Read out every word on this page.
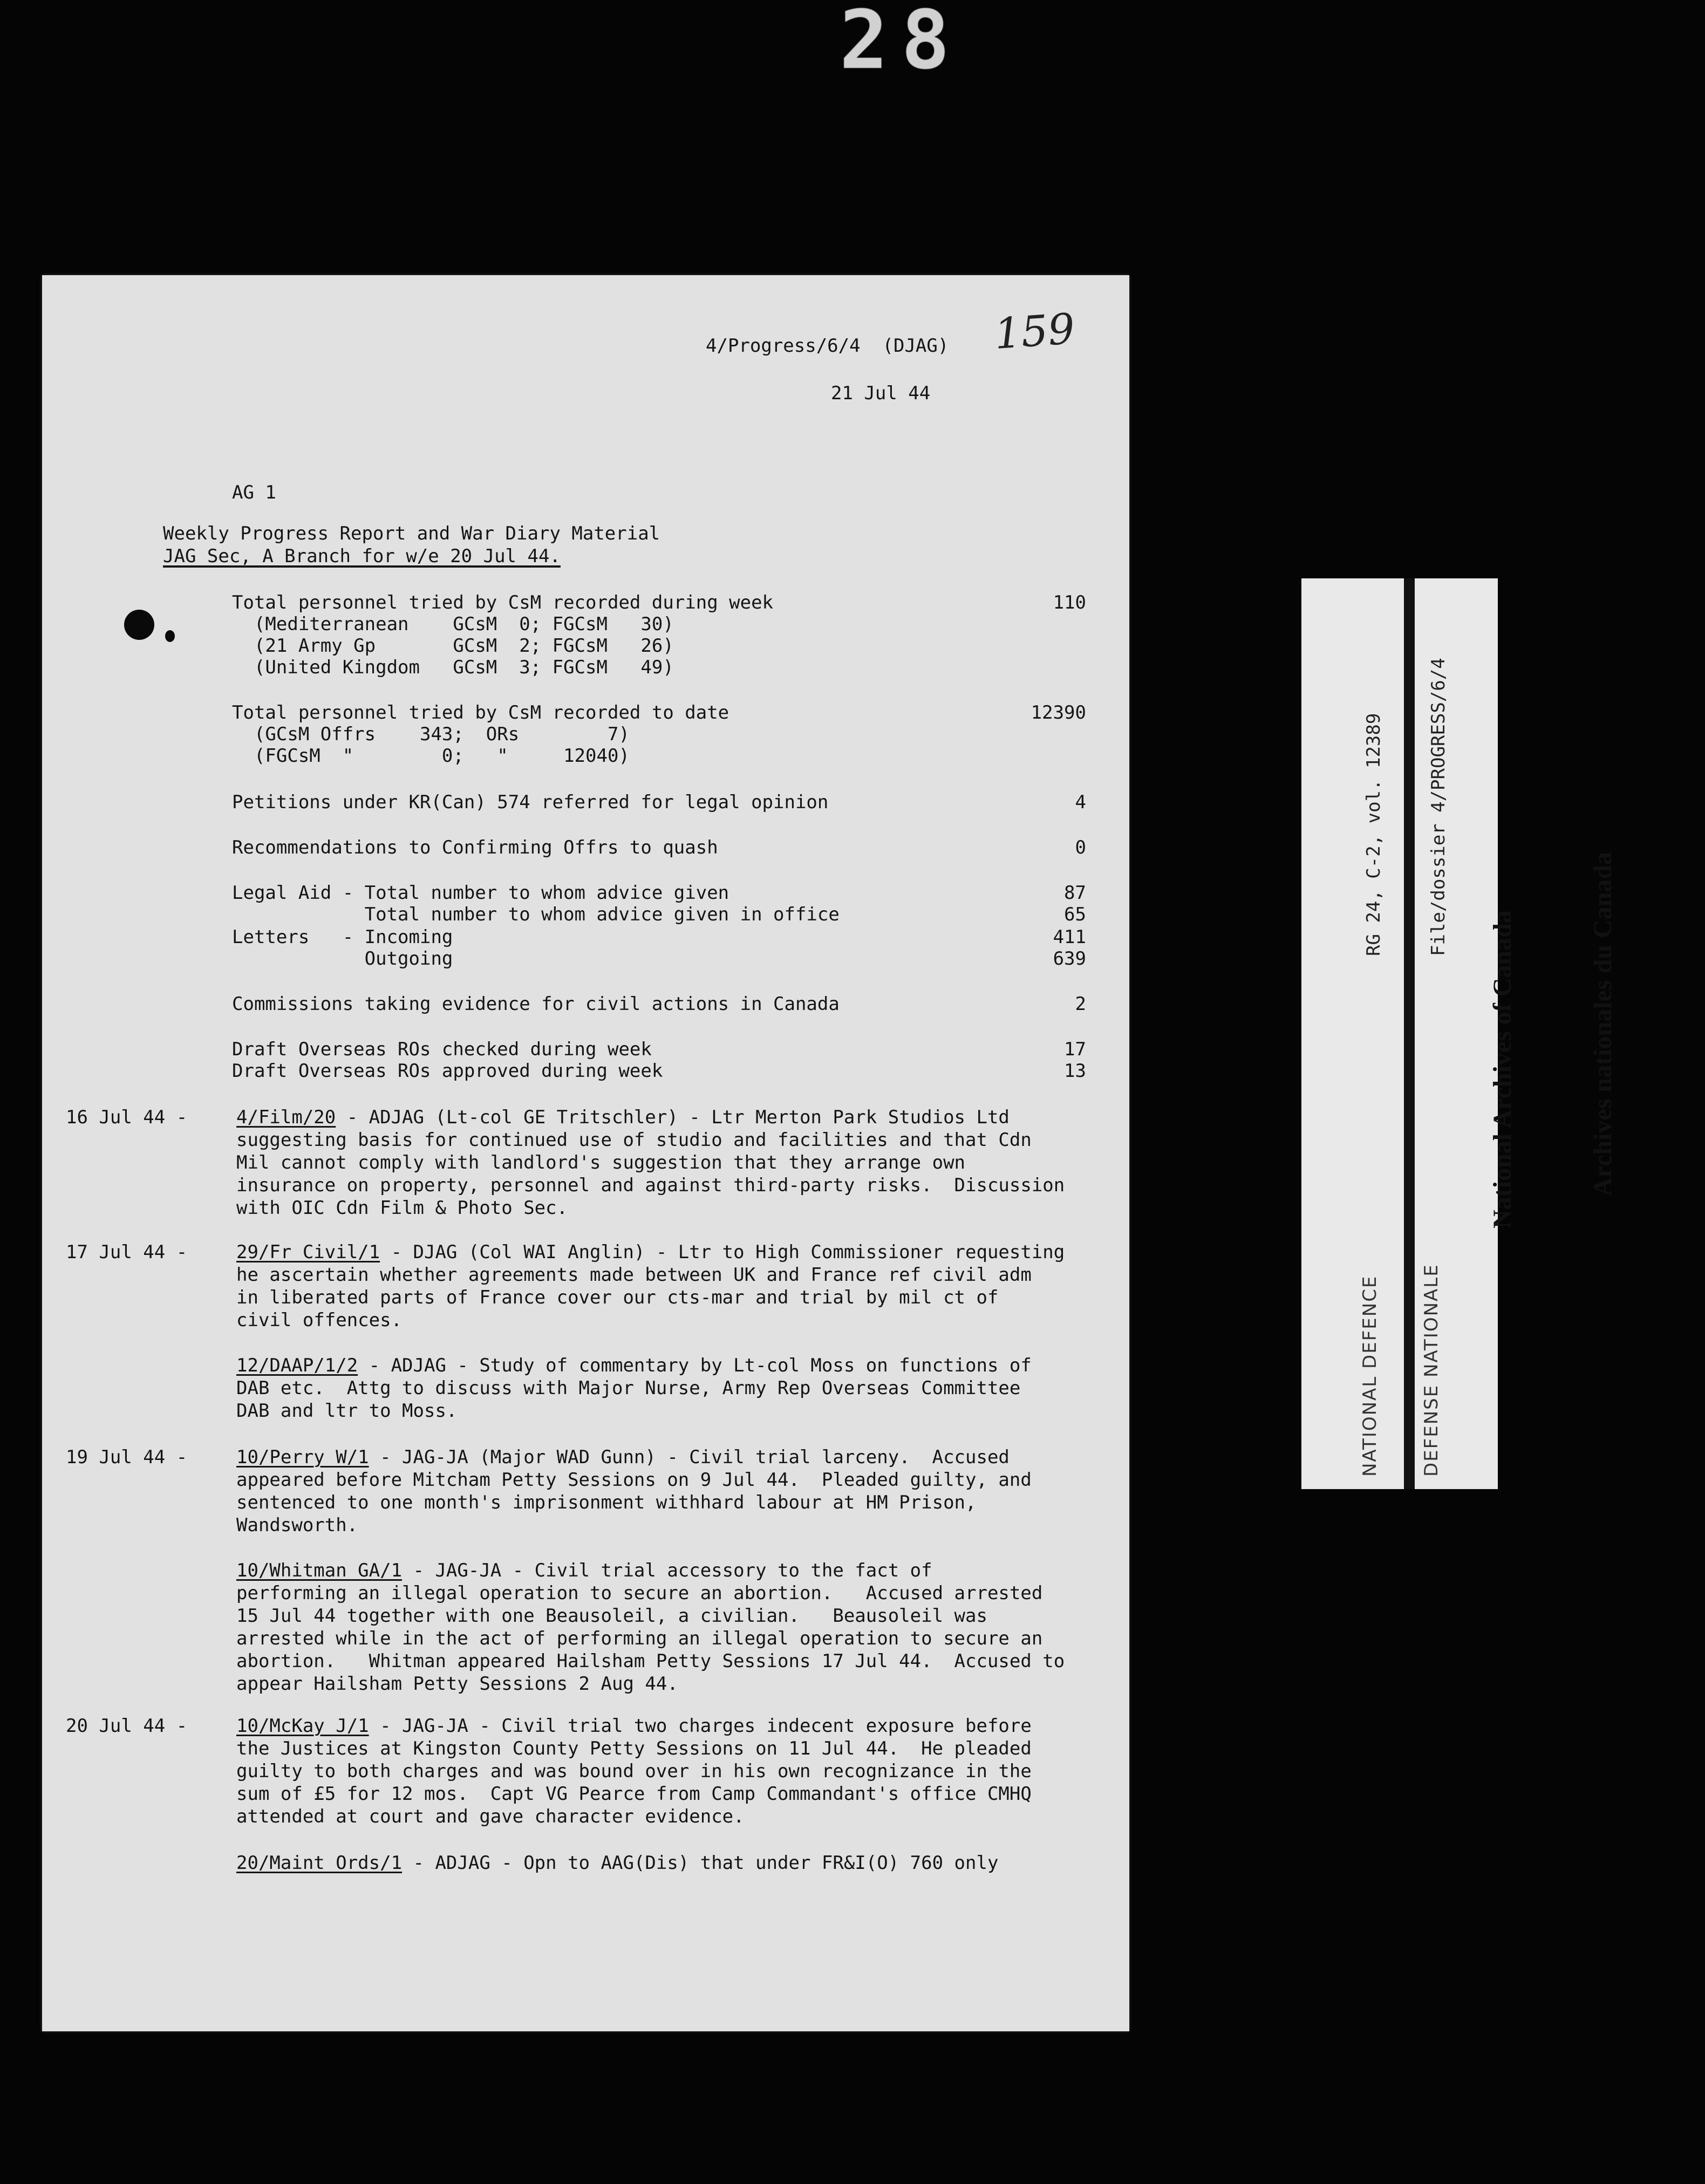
28
4/Progress/6/4  (DJAG) 159
21 Jul 44
AG 1
Weekly Progress Report and War Diary Material
JAG Sec, A Branch for w/e 20 Jul 44.
Total personnel tried by CsM recorded during week	110
(Mediterranean    GCsM  0; FGCsM   30)
(21 Army Gp       GCsM  2; FGCsM   26)
(United Kingdom   GCsM  3; FGCsM   49)
Total personnel tried by CsM recorded to date	12390
(GCsM Offrs    343;  ORs        7)
(FGCsM  "        0;   "     12040)
Petitions under KR(Can) 574 referred for legal opinion	4
Recommendations to Confirming Offrs to quash	0
Legal Aid - Total number to whom advice given	87
Total number to whom advice given in office	65
Letters   - Incoming	411
Outgoing	639
Commissions taking evidence for civil actions in Canada	2
Draft Overseas ROs checked during week	17
Draft Overseas ROs approved during week	13
16 Jul 44 -	4/Film/20 - ADJAG (Lt-col GE Tritschler) - Ltr Merton Park Studios Ltd
suggesting basis for continued use of studio and facilities and that Cdn
Mil cannot comply with landlord's suggestion that they arrange own
insurance on property, personnel and against third-party risks.  Discussion
with OIC Cdn Film & Photo Sec.
17 Jul 44 -	29/Fr Civil/1 - DJAG (Col WAI Anglin) - Ltr to High Commissioner requesting
he ascertain whether agreements made between UK and France ref civil adm
in liberated parts of France cover our cts-mar and trial by mil ct of
civil offences.
12/DAAP/1/2 - ADJAG - Study of commentary by Lt-col Moss on functions of
DAB etc.  Attg to discuss with Major Nurse, Army Rep Overseas Committee
DAB and ltr to Moss.
19 Jul 44 -	10/Perry W/1 - JAG-JA (Major WAD Gunn) - Civil trial larceny.  Accused
appeared before Mitcham Petty Sessions on 9 Jul 44.  Pleaded guilty, and
sentenced to one month's imprisonment withhard labour at HM Prison,
Wandsworth.
10/Whitman GA/1 - JAG-JA - Civil trial accessory to the fact of
performing an illegal operation to secure an abortion.   Accused arrested
15 Jul 44 together with one Beausoleil, a civilian.   Beausoleil was
arrested while in the act of performing an illegal operation to secure an
abortion.   Whitman appeared Hailsham Petty Sessions 17 Jul 44.  Accused to
appear Hailsham Petty Sessions 2 Aug 44.
20 Jul 44 -	10/McKay J/1 - JAG-JA - Civil trial two charges indecent exposure before
the Justices at Kingston County Petty Sessions on 11 Jul 44.  He pleaded
guilty to both charges and was bound over in his own recognizance in the
sum of £5 for 12 mos.  Capt VG Pearce from Camp Commandant's office CMHQ
attended at court and gave character evidence.
20/Maint Ords/1 - ADJAG - Opn to AAG(Dis) that under FR&I(O) 760 only

RG 24, C-2, vol. 12389

File/dossier 4/PROGRESS/6/4

NATIONAL DEFENCE

DEFENSE NATIONALE

National Archives of Canada

	Archives nationales du Canada
